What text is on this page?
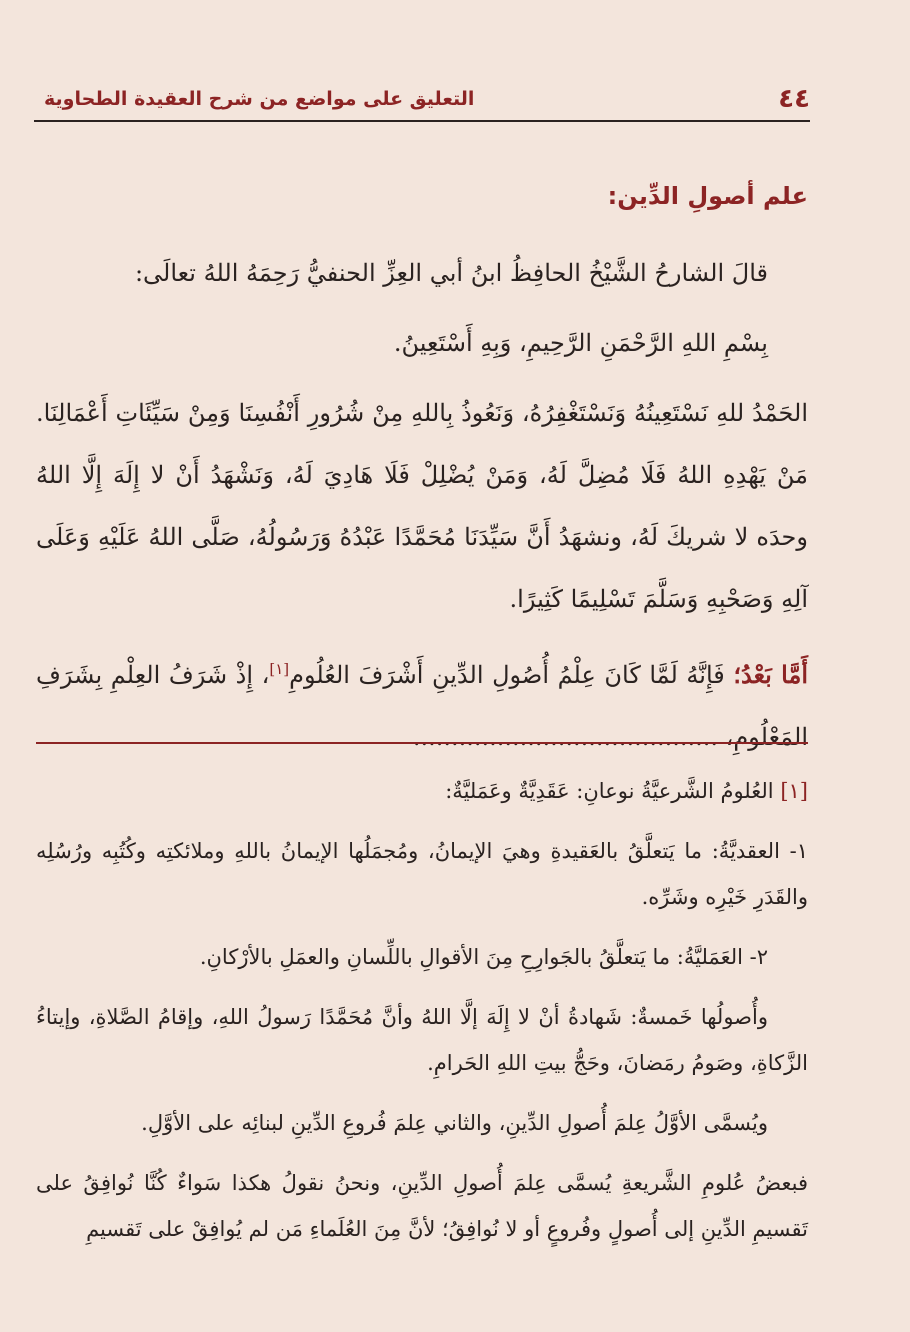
٤٤
التعليق على مواضع من شرح العقيدة الطحاوية
علم أصولِ الدِّين:

قالَ الشارحُ الشَّيْخُ الحافِظُ ابنُ أبي العِزِّ الحنفيُّ رَحِمَهُ اللهُ تعالَى:

بِسْمِ اللهِ الرَّحْمَنِ الرَّحِيمِ، وَبِهِ أَسْتَعِينُ.

الحَمْدُ للهِ نَسْتَعِينُهُ وَنَسْتَغْفِرُهُ، وَنَعُوذُ بِاللهِ مِنْ شُرُورِ أَنْفُسِنَا وَمِنْ سَيِّئَاتِ أَعْمَالِنَا. مَنْ يَهْدِهِ اللهُ فَلَا مُضِلَّ لَهُ، وَمَنْ يُضْلِلْ فَلَا هَادِيَ لَهُ، وَنَشْهَدُ أَنْ لا إِلَهَ إِلَّا اللهُ وحدَه لا شريكَ لَهُ، ونشهَدُ أَنَّ سَيِّدَنَا مُحَمَّدًا عَبْدُهُ وَرَسُولُهُ، صَلَّى اللهُ عَلَيْهِ وَعَلَى آلِهِ وَصَحْبِهِ وَسَلَّمَ تَسْلِيمًا كَثِيرًا.

أَمَّا بَعْدُ؛ فَإِنَّهُ لَمَّا كَانَ عِلْمُ أُصُولِ الدِّينِ أَشْرَفَ العُلُومِ[١]، إِذْ شَرَفُ العِلْمِ بِشَرَفِ المَعْلُومِ، ........................................

[١] العُلومُ الشَّرعيَّةُ نوعانِ: عَقَدِيَّةٌ وعَمَليَّةٌ:

١- العقديَّةُ: ما يَتعلَّقُ بالعَقيدةِ وهيَ الإيمانُ، ومُجمَلُها الإيمانُ باللهِ وملائكتِه وكُتُبِه ورُسُلِه والقَدَرِ خَيْرِه وشَرِّه.

٢- العَمَليَّةُ: ما يَتعلَّقُ بالجَوارِحِ مِنَ الأقوالِ باللِّسانِ والعمَلِ بالأرْكانِ.

وأُصولُها خَمسةٌ: شَهادةُ أنْ لا إِلَهَ إلَّا اللهُ وأنَّ مُحَمَّدًا رَسولُ اللهِ، وإقامُ الصَّلاةِ، وإيتاءُ الزَّكاةِ، وصَومُ رمَضانَ، وحَجُّ بيتِ اللهِ الحَرامِ.

ويُسمَّى الأوَّلُ عِلمَ أُصولِ الدِّينِ، والثاني عِلمَ فُروعِ الدِّينِ لبنائِه على الأوَّلِ.

فبعضُ عُلومِ الشَّريعةِ يُسمَّى عِلمَ أُصولِ الدِّينِ، ونحنُ نقولُ هكذا سَواءٌ كُنَّا نُوافِقُ على تَقسيمِ الدِّينِ إلى أُصولٍ وفُروعٍ أو لا نُوافِقُ؛ لأنَّ مِنَ العُلَماءِ مَن لم يُوافِقْ على تَقسيمِ
